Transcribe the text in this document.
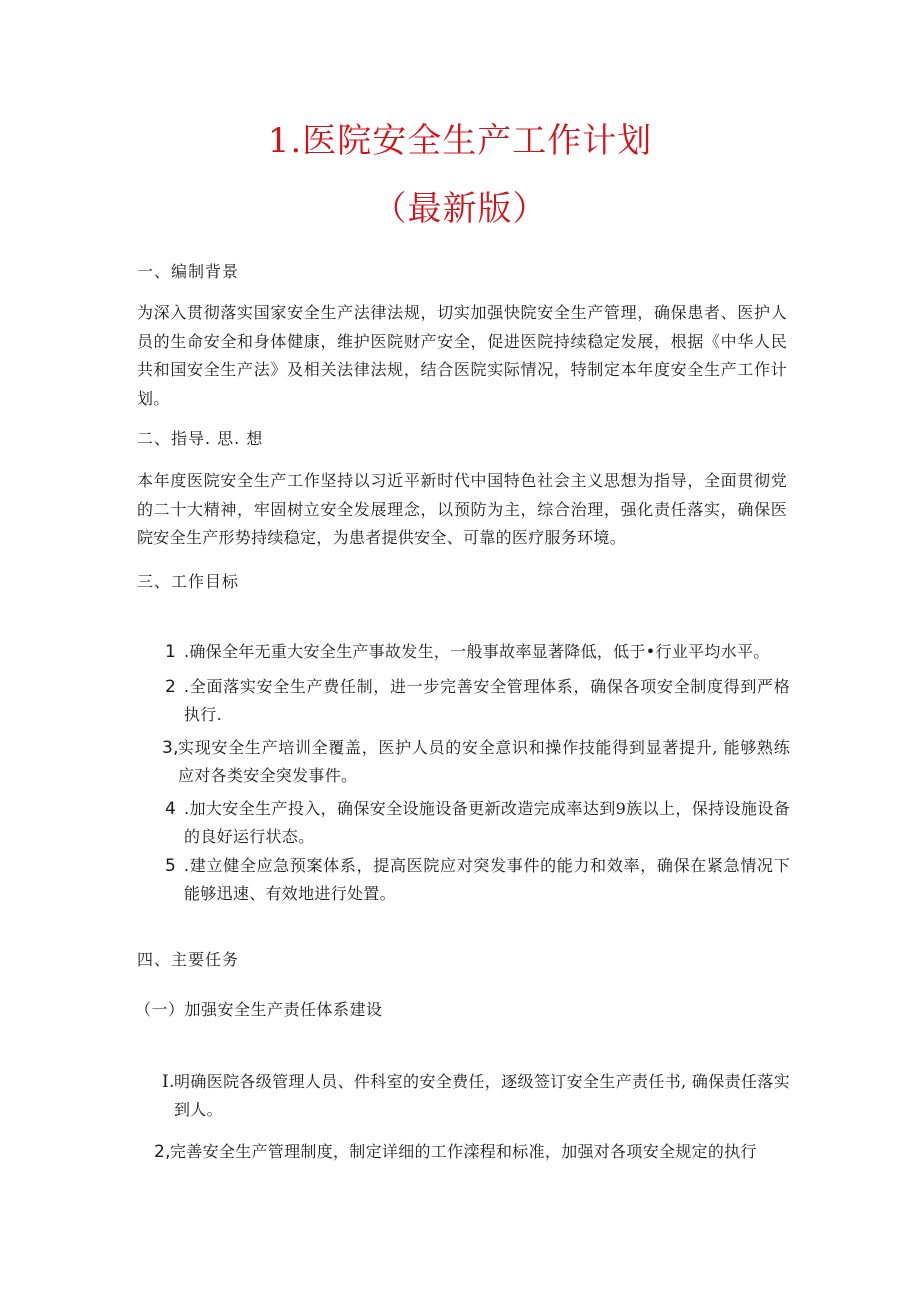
1.医院安全生产工作计划
（最新版）
一、编制背景
为深入贯彻落实国家安全生产法律法规，切实加强快院安全生产管理，确保患者、医护人员的生命安全和身体健康，维护医院财产安全，促进医院持续稳定发展，根据《中华人民共和国安全生产法》及相关法律法规，结合医院实际情况，特制定本年度安全生产工作计划。
二、指导. 思. 想
本年度医院安全生产工作坚持以习近平新时代中国特色社会主义思想为指导，全面贯彻党的二十大精神，牢固树立安全发展理念，以预防为主，综合治理，强化责任落实，确保医院安全生产形势持续稳定，为患者提供安全、可靠的医疗服务环境。
三、工作目标
1 .确保全年无重大安全生产事故发生，一般事故率显著降低，低于•行业平均水平。
2 .全面落实安全生产费任制，进一步完善安全管理体系，确保各项安全制度得到严格执行.
3, 实现安全生产培训全覆盖，医护人员的安全意识和操作技能得到显著提升, 能够熟练应对各类安全突发事件。
4 .加大安全生产投入，确保安全设施设备更新改造完成率达到9族以上，保持设施设备的良好运行状态。
5 .建立健全应急预案体系，提高医院应对突发事件的能力和效率，确保在紧急情况下能够迅速、有效地进行处置。
四、主要任务
（一）加强安全生产责任体系建设
I. 明确医院各级管理人员、件科室的安全费任，逐级签订安全生产责任书, 确保责任落实到人。
2, 完善安全生产管理制度，制定详细的工作滦程和标准，加强对各项安全规定的执行
